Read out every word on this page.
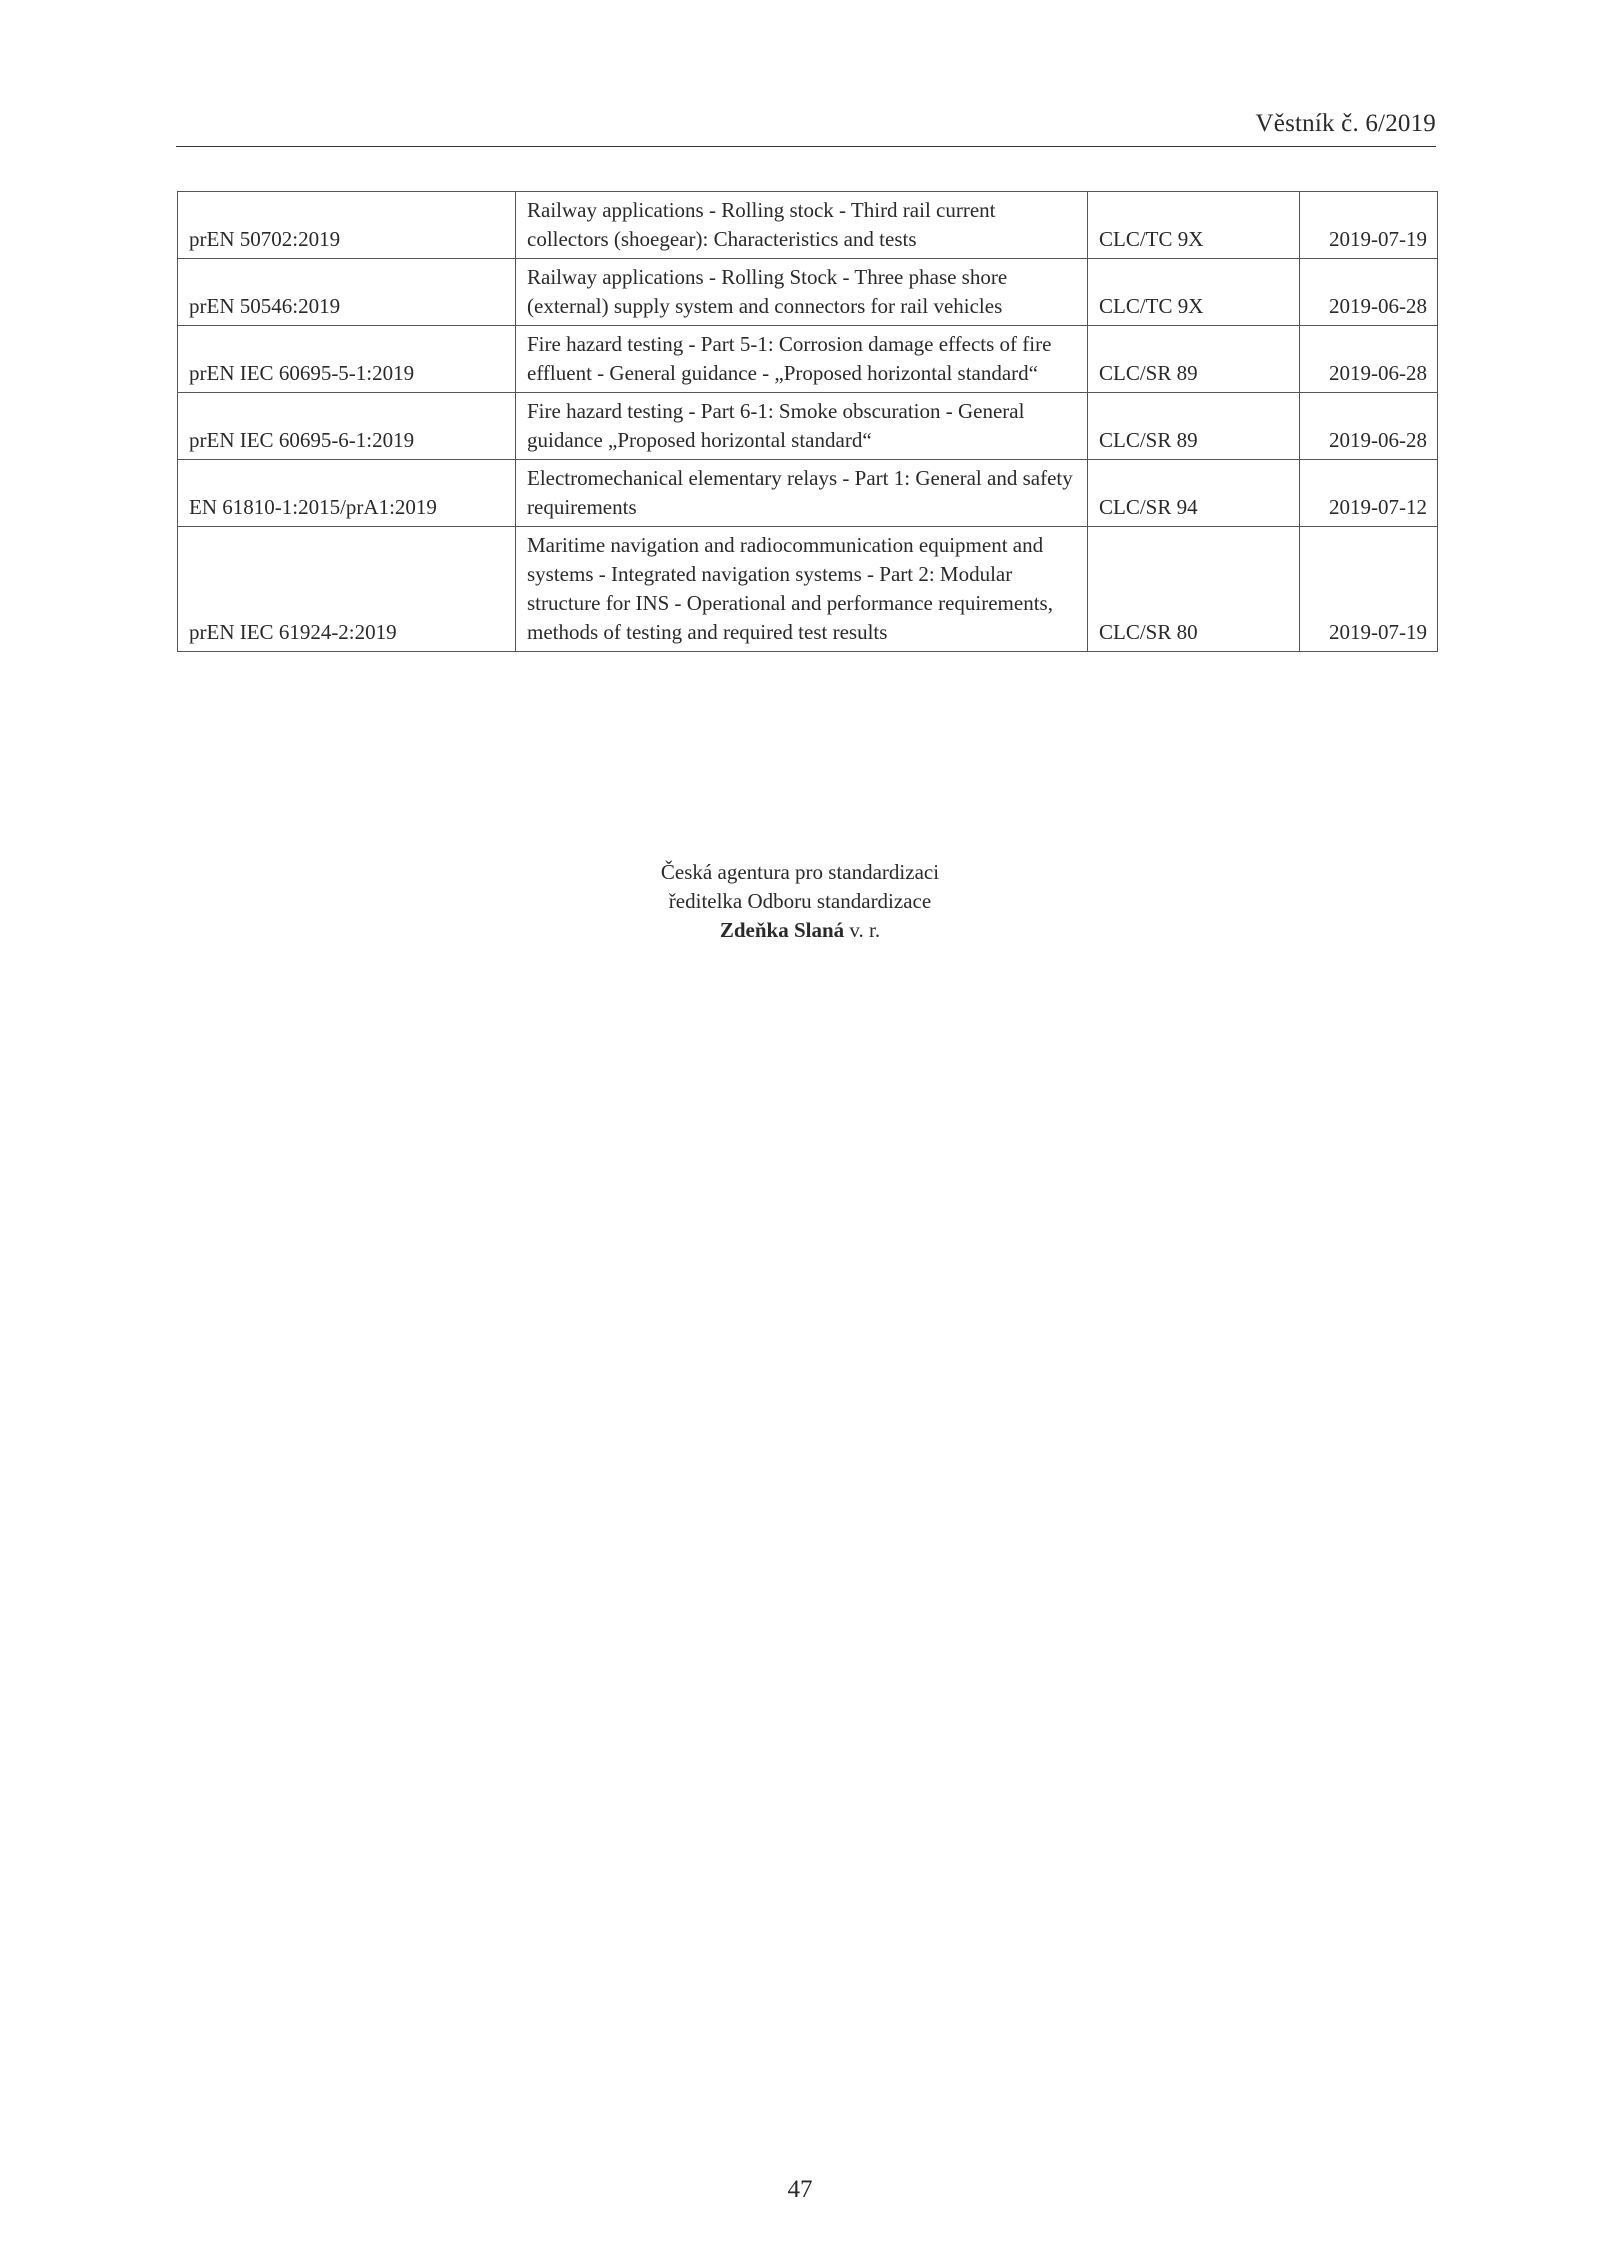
Věstník č. 6/2019
prEN 50702:2019	Railway applications - Rolling stock - Third rail current collectors (shoegear): Characteristics and tests	CLC/TC 9X	2019-07-19
prEN 50546:2019	Railway applications - Rolling Stock - Three phase shore (external) supply system and connectors for rail vehicles	CLC/TC 9X	2019-06-28
prEN IEC 60695-5-1:2019	Fire hazard testing - Part 5-1: Corrosion damage effects of fire effluent - General guidance - „Proposed horizontal standard“	CLC/SR 89	2019-06-28
prEN IEC 60695-6-1:2019	Fire hazard testing - Part 6-1: Smoke obscuration - General guidance „Proposed horizontal standard“	CLC/SR 89	2019-06-28
EN 61810-1:2015/prA1:2019	Electromechanical elementary relays - Part 1: General and safety requirements	CLC/SR 94	2019-07-12
prEN IEC 61924-2:2019	Maritime navigation and radiocommunication equipment and systems - Integrated navigation systems - Part 2: Modular structure for INS - Operational and performance requirements, methods of testing and required test results	CLC/SR 80	2019-07-19
Česká agentura pro standardizaci
ředitelka Odboru standardizace
Zdeňka Slaná v. r.
47
